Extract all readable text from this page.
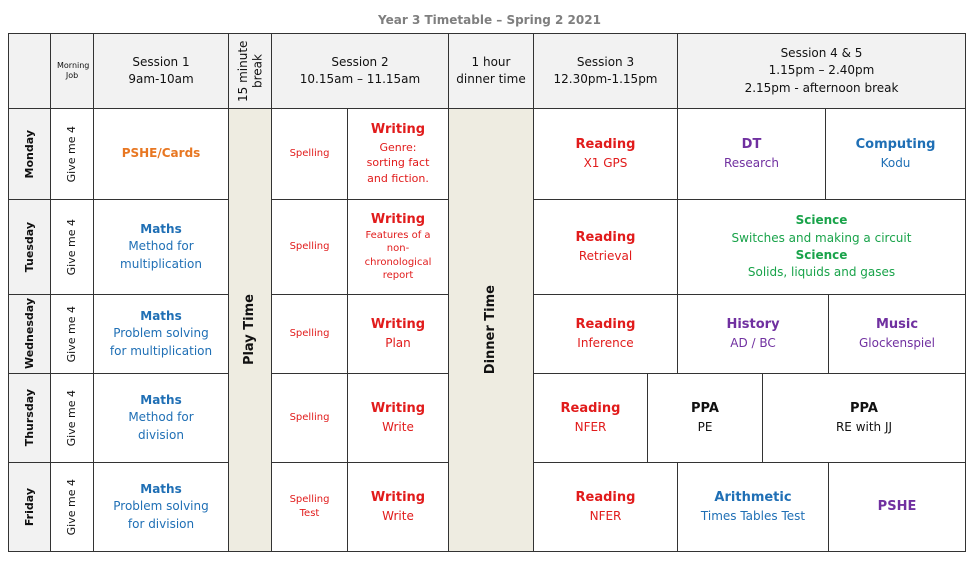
Year 3 Timetable – Spring 2 2021
Morning Job
Session 1
9am-10am	15 minute break	Session 2
10.15am – 11.15am
1 hour
dinner time
Session 3
12.30pm-1.15pm
Session 4 & 5
1.15pm – 2.40pm
2.15pm - afternoon break
Monday
Tuesday
Wednesday
Thursday
Friday
Give me 4
Give me 4
Give me 4
Give me 4
Give me 4
PSHE/Cards
Maths
Method for
multiplication
Maths
Problem solving
for multiplication
Maths
Method for
division
Maths
Problem solving
for division
Play Time
Spelling
Spelling
Spelling
Spelling
Spelling
Test
Writing
Genre:
sorting fact
and fiction.
Writing
Features of a
non-
chronological
report
Writing
Plan
Writing
Write
Writing
Write
Dinner Time
Reading
X1 GPS
Reading
Retrieval
Reading
Inference
Reading
NFER
Reading
NFER
DT
Research
Computing
Kodu
Science
Switches and making a circuit
Science
Solids, liquids and gases
History
AD / BC
Music
Glockenspiel
PPA
PE
PPA
RE with JJ
Arithmetic
Times Tables Test
PSHE
